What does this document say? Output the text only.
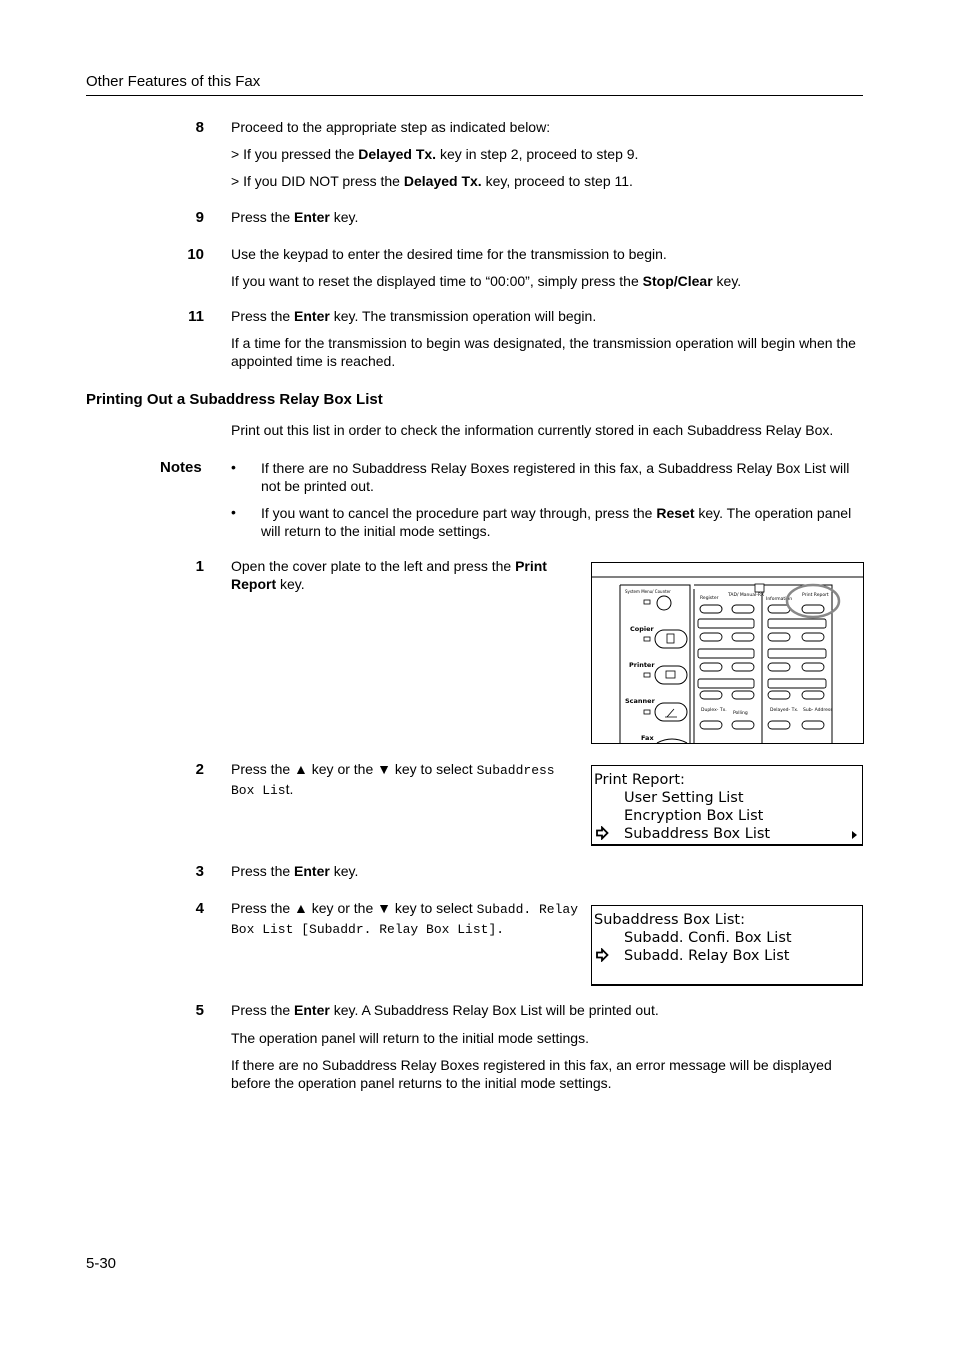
Other Features of this Fax
8 Proceed to the appropriate step as indicated below:
> If you pressed the Delayed Tx. key in step 2, proceed to step 9.
> If you DID NOT press the Delayed Tx. key, proceed to step 11.
9 Press the Enter key.
10 Use the keypad to enter the desired time for the transmission to begin.
If you want to reset the displayed time to “00:00”, simply press the Stop/Clear key.
11 Press the Enter key. The transmission operation will begin.
If a time for the transmission to begin was designated, the transmission operation will begin when the appointed time is reached.
Printing Out a Subaddress Relay Box List
Print out this list in order to check the information currently stored in each Subaddress Relay Box.
Notes • If there are no Subaddress Relay Boxes registered in this fax, a Subaddress Relay Box List will not be printed out.
• If you want to cancel the procedure part way through, press the Reset key. The operation panel will return to the initial mode settings.
1 Open the cover plate to the left and press the Print Report key.	System Menu/ Counter
Copier
Printer
Scanner
Fax
Register
TAD/ Manual-RX
Information
Print Report
Duplex- Tx.
Polling
Delayed- Tx. Sub- Address
2 Press the ▲ key or the ▼ key to select Subaddress Box List.
Print Report:
User Setting List
Encryption Box List
Subaddress Box List
3 Press the Enter key.
4 Press the ▲ key or the ▼ key to select Subadd. Relay Box List [Subaddr. Relay Box List].
Subaddress Box List:
Subadd. Confi. Box List
Subadd. Relay Box List
5 Press the Enter key. A Subaddress Relay Box List will be printed out.
The operation panel will return to the initial mode settings.
If there are no Subaddress Relay Boxes registered in this fax, an error message will be displayed before the operation panel returns to the initial mode settings.
5-30
